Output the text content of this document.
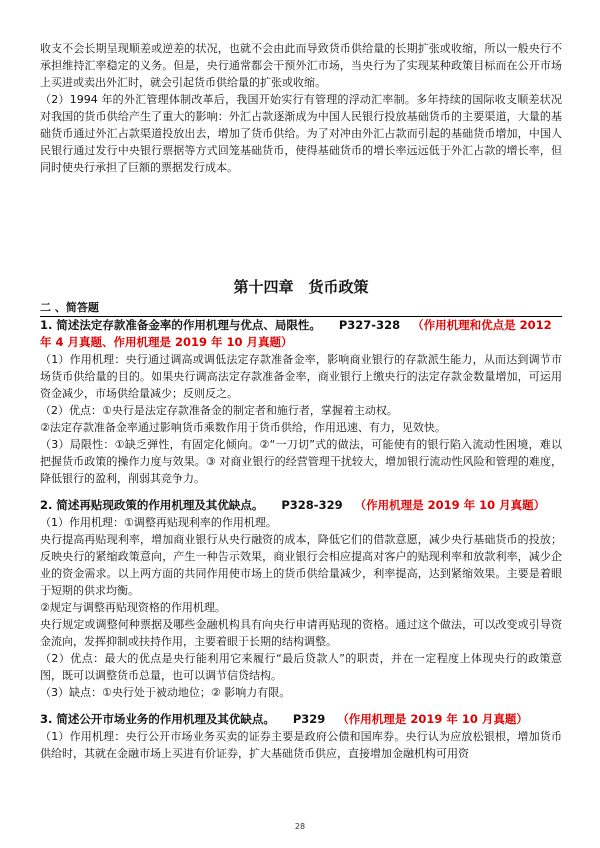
收支不会长期呈现顺差或逆差的状况，也就不会由此而导致货币供给量的长期扩张或收缩，所以一般央行不承担维持汇率稳定的义务。但是，央行通常都会干预外汇市场，当央行为了实现某种政策目标而在公开市场上买进或卖出外汇时，就会引起货币供给量的扩张或收缩。

（2）1994 年的外汇管理体制改革后，我国开始实行有管理的浮动汇率制。多年持续的国际收支顺差状况对我国的货币供给产生了重大的影响：外汇占款逐渐成为中国人民银行投放基础货币的主要渠道，大量的基础货币通过外汇占款渠道投放出去，增加了货币供给。为了对冲由外汇占款而引起的基础货币增加，中国人民银行通过发行中央银行票据等方式回笼基础货币，使得基础货币的增长率远远低于外汇占款的增长率，但同时使央行承担了巨额的票据发行成本。

第十四章　货币政策
二 、简答题
1. 简述法定存款准备金率的作用机理与优点、局限性。 P327-328 （作用机理和优点是 2012 年 4 月真题、作用机理是 2019 年 10 月真题）

（1）作用机理：央行通过调高或调低法定存款准备金率，影响商业银行的存款派生能力，从而达到调节市场货币供给量的目的。如果央行调高法定存款准备金率，商业银行上缴央行的法定存款金数量增加，可运用资金减少，市场供给量减少；反则反之。

（2）优点：①央行是法定存款准备金的制定者和施行者，掌握着主动权。

②法定存款准备金率通过影响货币乘数作用于货币供给，作用迅速、有力，见效快。

（3）局限性：①缺乏弹性，有固定化倾向。②“一刀切”式的做法，可能使有的银行陷入流动性困境，难以把握货币政策的操作力度与效果。③ 对商业银行的经营管理干扰较大，增加银行流动性风险和管理的难度，降低银行的盈利，削弱其竞争力。

2. 简述再贴现政策的作用机理及其优缺点。 P328-329 （作用机理是 2019 年 10 月真题）

（1）作用机理：①调整再贴现利率的作用机理。

央行提高再贴现利率，增加商业银行从央行融资的成本，降低它们的借款意愿，减少央行基础货币的投放；反映央行的紧缩政策意向，产生一种告示效果，商业银行会相应提高对客户的贴现利率和放款利率，减少企业的资金需求。以上两方面的共同作用使市场上的货币供给量减少，利率提高，达到紧缩效果。主要是着眼于短期的供求均衡。

②规定与调整再贴现资格的作用机理。

央行规定或调整何种票据及哪些金融机构具有向央行申请再贴现的资格。通过这个做法，可以改变或引导资金流向，发挥抑制或扶持作用，主要着眼于长期的结构调整。

（2）优点：最大的优点是央行能利用它来履行“最后贷款人”的职责，并在一定程度上体现央行的政策意图，既可以调整货币总量，也可以调节信贷结构。

（3）缺点：①央行处于被动地位；② 影响力有限。

3. 简述公开市场业务的作用机理及其优缺点。 P329 （作用机理是 2019 年 10 月真题）

（1）作用机理：央行公开市场业务买卖的证券主要是政府公债和国库券。央行认为应放松银根，增加货币供给时，其就在金融市场上买进有价证券，扩大基础货币供应，直接增加金融机构可用资

28
